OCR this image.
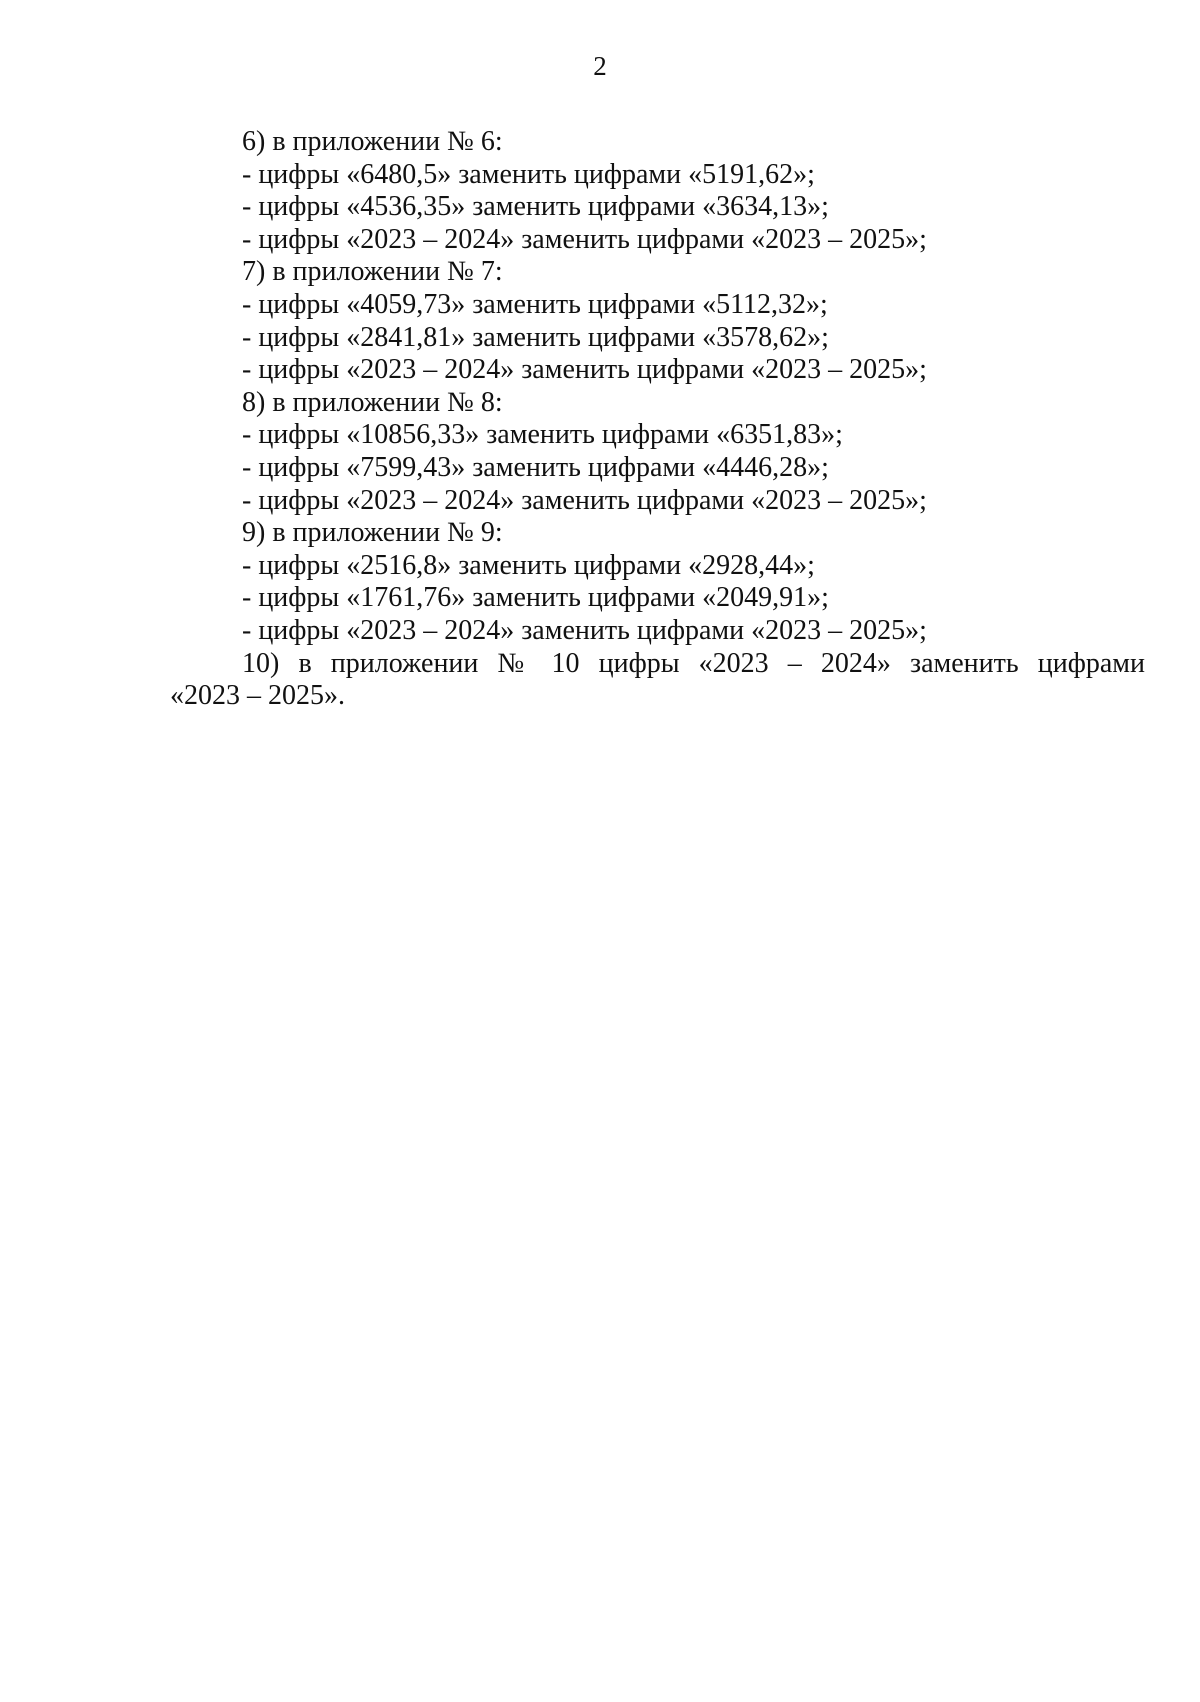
2
6) в приложении № 6:
- цифры «6480,5» заменить цифрами «5191,62»;
- цифры «4536,35» заменить цифрами «3634,13»;
- цифры «2023 – 2024» заменить цифрами «2023 – 2025»;
7) в приложении № 7:
- цифры «4059,73» заменить цифрами «5112,32»;
- цифры «2841,81» заменить цифрами «3578,62»;
- цифры «2023 – 2024» заменить цифрами «2023 – 2025»;
8) в приложении № 8:
- цифры «10856,33» заменить цифрами «6351,83»;
- цифры «7599,43» заменить цифрами «4446,28»;
- цифры «2023 – 2024» заменить цифрами «2023 – 2025»;
9) в приложении № 9:
- цифры «2516,8» заменить цифрами «2928,44»;
- цифры «1761,76» заменить цифрами «2049,91»;
- цифры «2023 – 2024» заменить цифрами «2023 – 2025»;
10) в приложении № 10 цифры «2023 – 2024» заменить цифрами
«2023 – 2025».
